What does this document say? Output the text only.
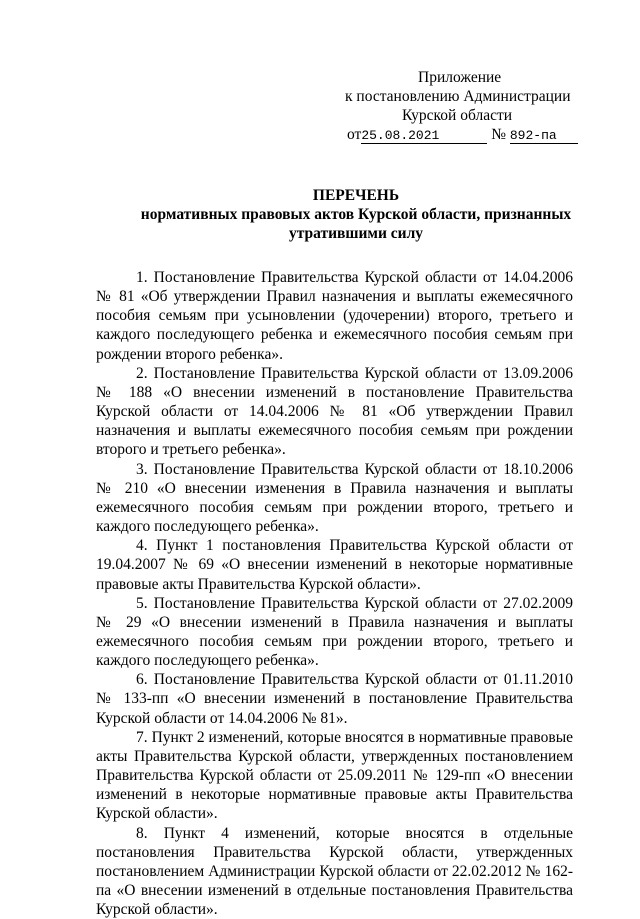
Приложение
к постановлению Администрации
Курской области
от25.08.2021	№ 892-па
ПЕРЕЧЕНЬ
нормативных правовых актов Курской области, признанных
утратившими силу

1. Постановление Правительства Курской области от 14.04.2006 № 81 «Об утверждении Правил назначения и выплаты ежемесячного пособия семьям при усыновлении (удочерении) второго, третьего и каждого последующего ребенка и ежемесячного пособия семьям при рождении второго ребенка».

2. Постановление Правительства Курской области от 13.09.2006 № 188 «О внесении изменений в постановление Правительства Курской области от 14.04.2006 № 81 «Об утверждении Правил назначения и выплаты ежемесячного пособия семьям при рождении второго и третьего ребенка».

3. Постановление Правительства Курской области от 18.10.2006 № 210 «О внесении изменения в Правила назначения и выплаты ежемесячного пособия семьям при рождении второго, третьего и каждого последующего ребенка».

4. Пункт 1 постановления Правительства Курской области от 19.04.2007 № 69 «О внесении изменений в некоторые нормативные правовые акты Правительства Курской области».

5. Постановление Правительства Курской области от 27.02.2009 № 29 «О внесении изменений в Правила назначения и выплаты ежемесячного пособия семьям при рождении второго, третьего и каждого последующего ребенка».

6. Постановление Правительства Курской области от 01.11.2010 № 133-пп «О внесении изменений в постановление Правительства Курской области от 14.04.2006 № 81».

7. Пункт 2 изменений, которые вносятся в нормативные правовые акты Правительства Курской области, утвержденных постановлением Правительства Курской области от 25.09.2011 № 129-пп «О внесении изменений в некоторые нормативные правовые акты Правительства Курской области».

8. Пункт 4 изменений, которые вносятся в отдельные постановления Правительства Курской области, утвержденных постановлением Администрации Курской области от 22.02.2012 № 162-па «О внесении изменений в отдельные постановления Правительства Курской области».
